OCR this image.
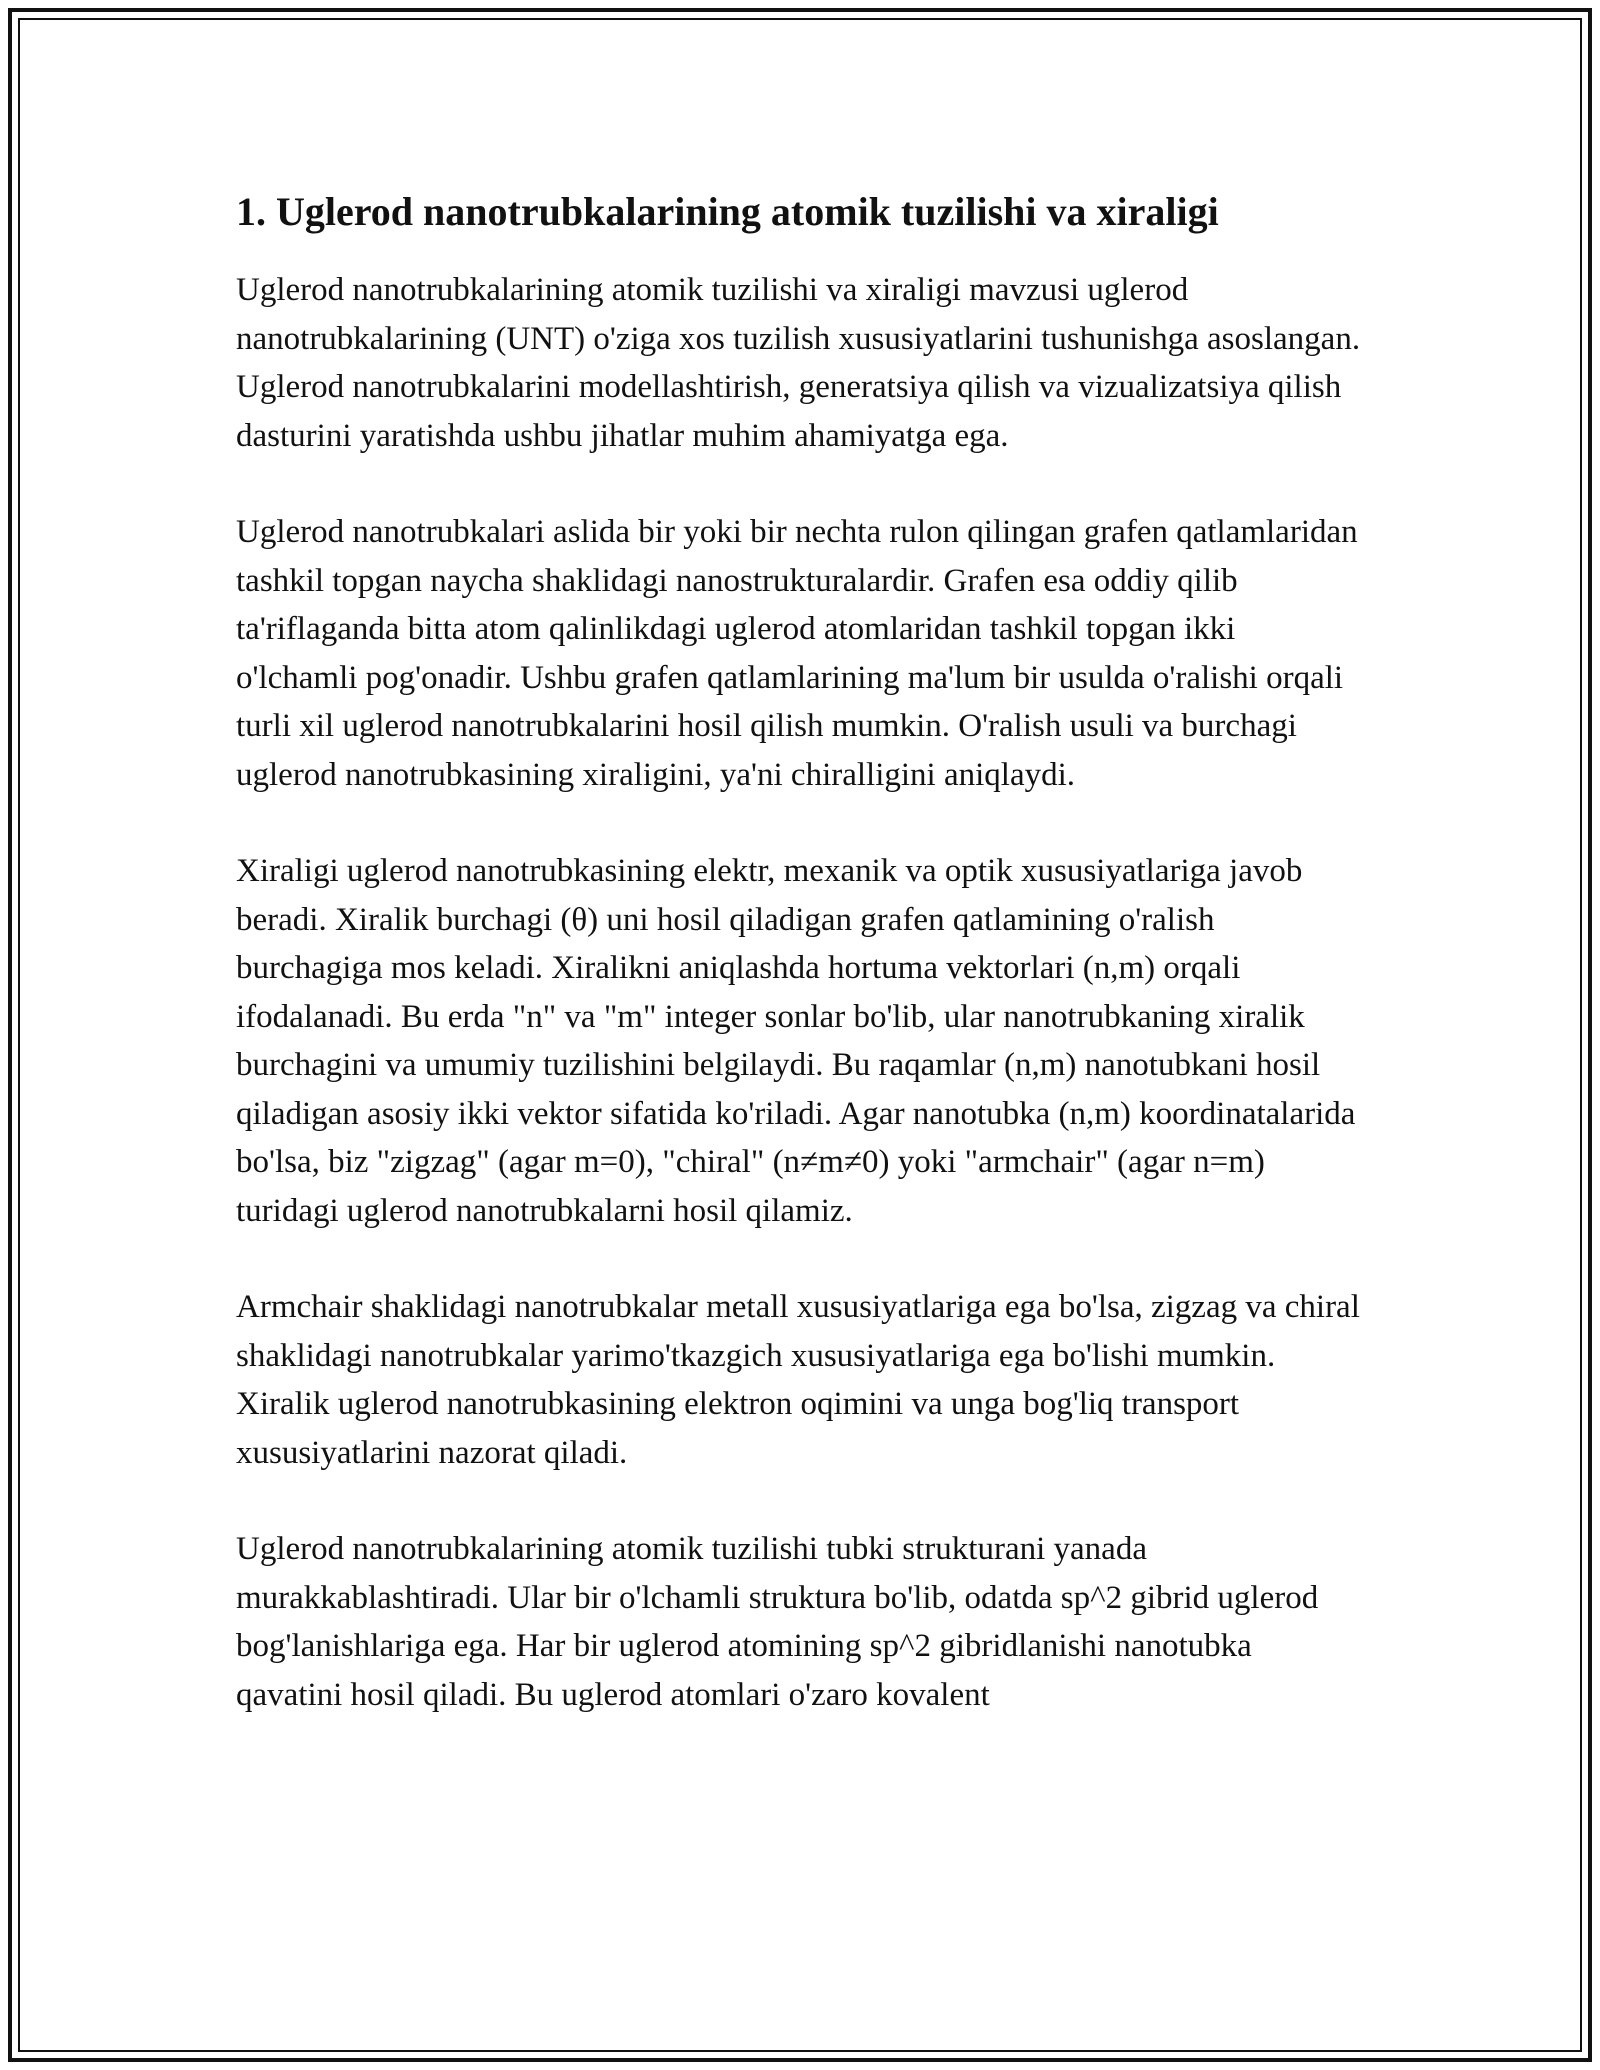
1. Uglerod nanotrubkalarining atomik tuzilishi va xiraligi

Uglerod nanotrubkalarining atomik tuzilishi va xiraligi mavzusi uglerod nanotrubkalarining (UNT) o'ziga xos tuzilish xususiyatlarini tushunishga asoslangan. Uglerod nanotrubkalarini modellashtirish, generatsiya qilish va vizualizatsiya qilish dasturini yaratishda ushbu jihatlar muhim ahamiyatga ega.

Uglerod nanotrubkalari aslida bir yoki bir nechta rulon qilingan grafen qatlamlaridan tashkil topgan naycha shaklidagi nanostrukturalardir. Grafen esa oddiy qilib ta'riflaganda bitta atom qalinlikdagi uglerod atomlaridan tashkil topgan ikki o'lchamli pog'onadir. Ushbu grafen qatlamlarining ma'lum bir usulda o'ralishi orqali turli xil uglerod nanotrubkalarini hosil qilish mumkin. O'ralish usuli va burchagi uglerod nanotrubkasining xiraligini, ya'ni chiralligini aniqlaydi.

Xiraligi uglerod nanotrubkasining elektr, mexanik va optik xususiyatlariga javob beradi. Xiralik burchagi (θ) uni hosil qiladigan grafen qatlamining o'ralish burchagiga mos keladi. Xiralikni aniqlashda hortuma vektorlari (n,m) orqali ifodalanadi. Bu erda "n" va "m" integer sonlar bo'lib, ular nanotrubkaning xiralik burchagini va umumiy tuzilishini belgilaydi. Bu raqamlar (n,m) nanotubkani hosil qiladigan asosiy ikki vektor sifatida ko'riladi. Agar nanotubka (n,m) koordinatalarida bo'lsa, biz "zigzag" (agar m=0), "chiral" (n≠m≠0) yoki "armchair" (agar n=m) turidagi uglerod nanotrubkalarni hosil qilamiz.

Armchair shaklidagi nanotrubkalar metall xususiyatlariga ega bo'lsa, zigzag va chiral shaklidagi nanotrubkalar yarimo'tkazgich xususiyatlariga ega bo'lishi mumkin. Xiralik uglerod nanotrubkasining elektron oqimini va unga bog'liq transport xususiyatlarini nazorat qiladi.

Uglerod nanotrubkalarining atomik tuzilishi tubki strukturani yanada murakkablashtiradi. Ular bir o'lchamli struktura bo'lib, odatda sp^2 gibrid uglerod bog'lanishlariga ega. Har bir uglerod atomining sp^2 gibridlanishi nanotubka qavatini hosil qiladi. Bu uglerod atomlari o'zaro kovalent
